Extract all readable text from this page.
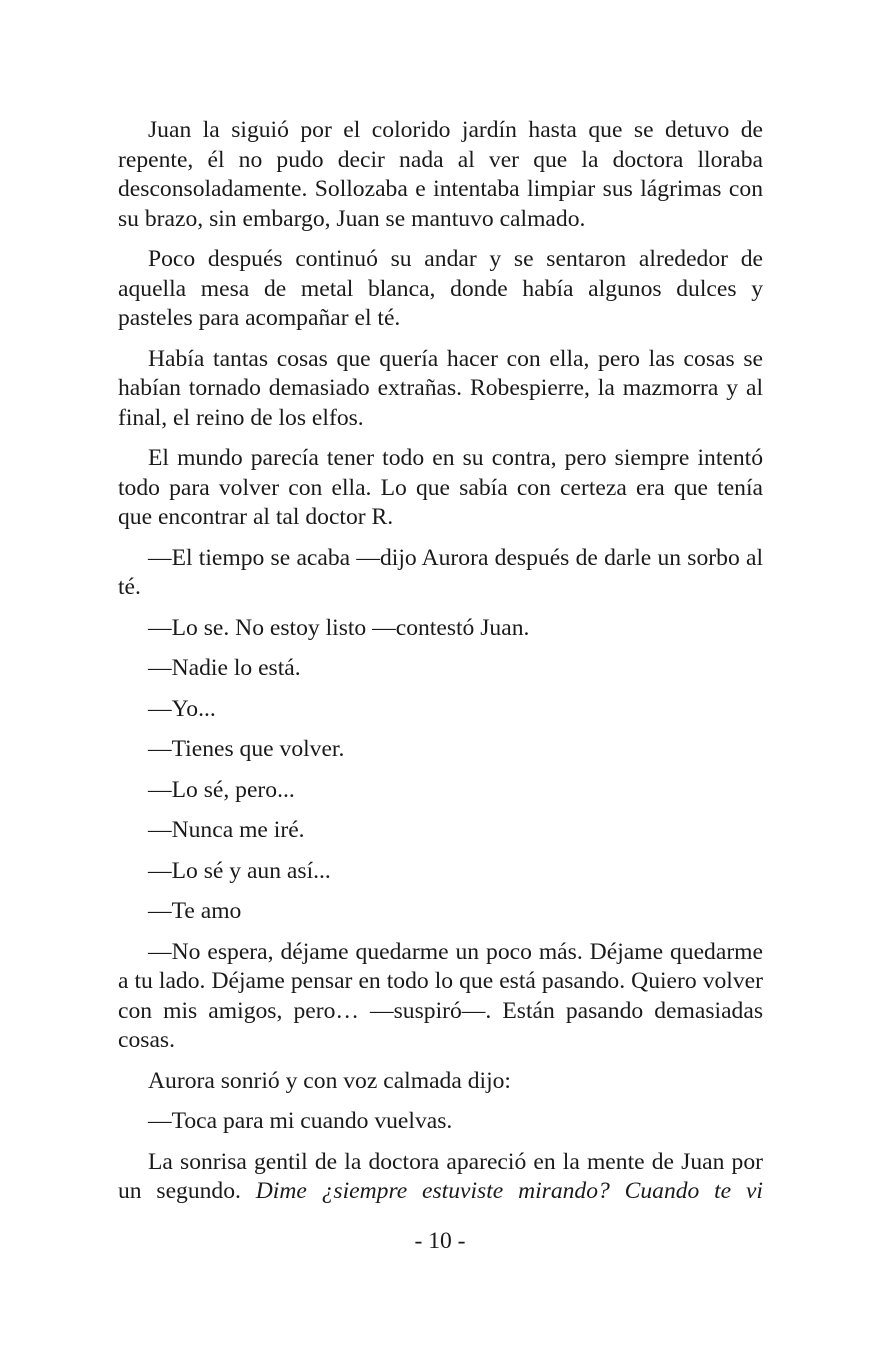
Juan la siguió por el colorido jardín hasta que se detuvo de repente, él no pudo decir nada al ver que la doctora lloraba desconsoladamente. Sollozaba e intentaba limpiar sus lágrimas con su brazo, sin embargo, Juan se mantuvo calmado.

Poco después continuó su andar y se sentaron alrededor de aquella mesa de metal blanca, donde había algunos dulces y pasteles para acompañar el té.

Había tantas cosas que quería hacer con ella, pero las cosas se habían tornado demasiado extrañas. Robespierre, la mazmorra y al final, el reino de los elfos.

El mundo parecía tener todo en su contra, pero siempre intentó todo para volver con ella. Lo que sabía con certeza era que tenía que encontrar al tal doctor R.

—El tiempo se acaba —dijo Aurora después de darle un sorbo al té.

—Lo se. No estoy listo —contestó Juan.

—Nadie lo está.

—Yo...

—Tienes que volver.

—Lo sé, pero...

—Nunca me iré.

—Lo sé y aun así...

—Te amo

—No espera, déjame quedarme un poco más. Déjame quedarme a tu lado. Déjame pensar en todo lo que está pasando. Quiero volver con mis amigos, pero… —suspiró—. Están pasando demasiadas cosas.

Aurora sonrió y con voz calmada dijo:

—Toca para mi cuando vuelvas.

La sonrisa gentil de la doctora apareció en la mente de Juan por un segundo. Dime ¿siempre estuviste mirando? Cuando te vi

- 10 -
